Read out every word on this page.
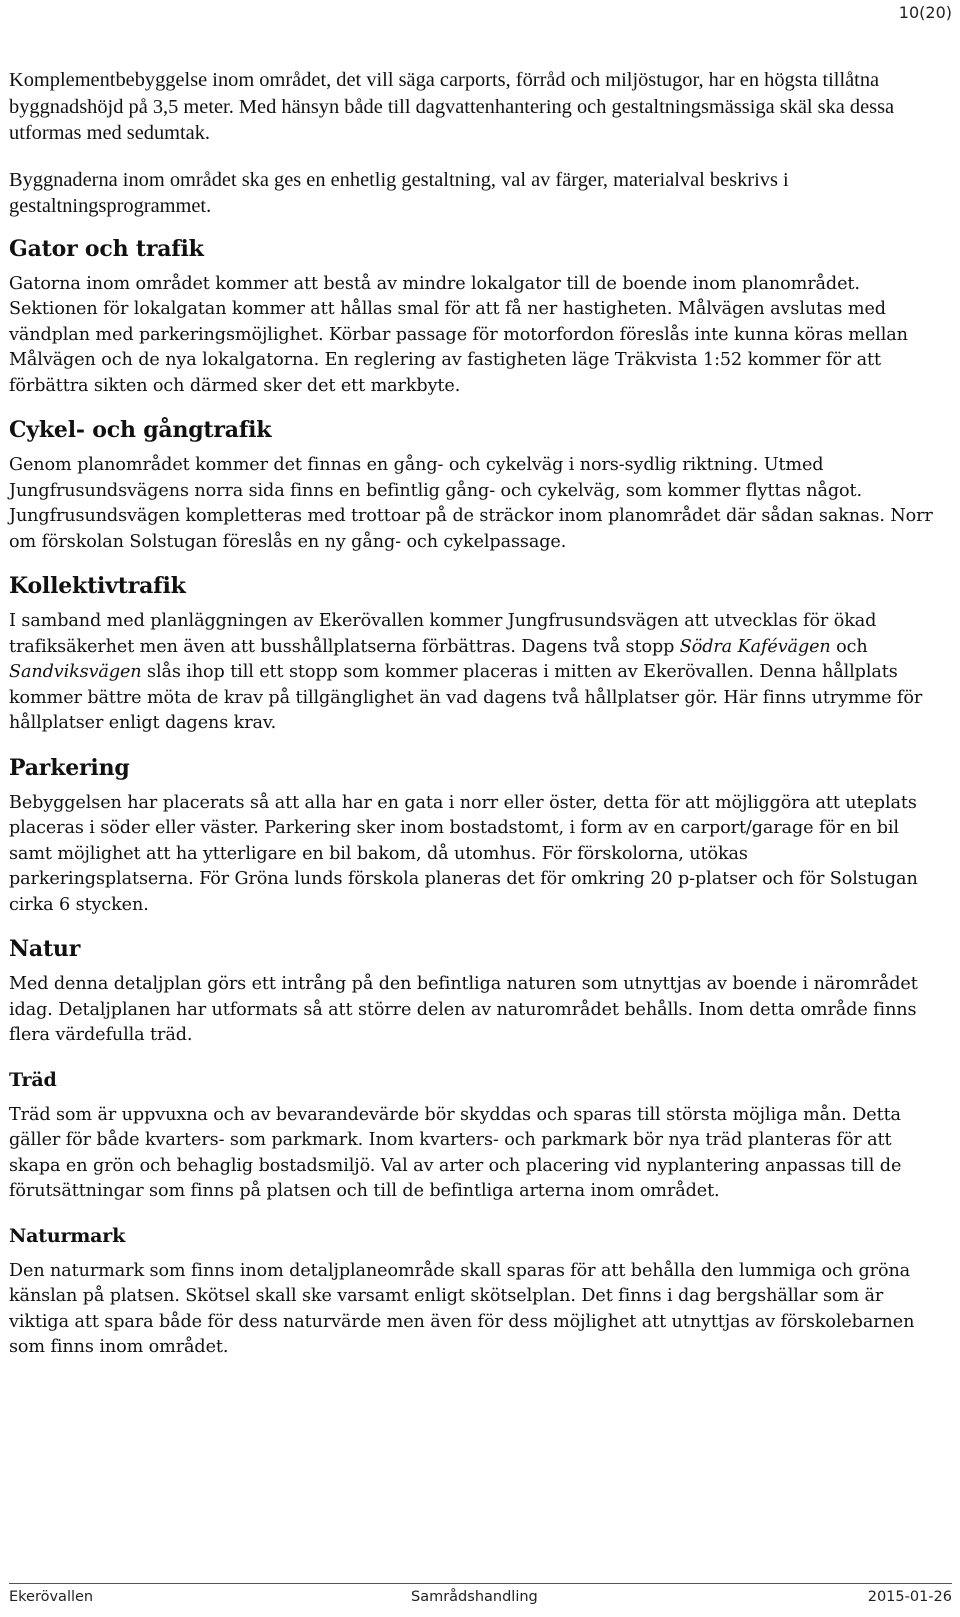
10(20)

Komplementbebyggelse inom området, det vill säga carports, förråd och miljöstugor, har en högsta tillåtna byggnadshöjd på 3,5 meter. Med hänsyn både till dagvattenhantering och gestaltningsmässiga skäl ska dessa utformas med sedumtak.

Byggnaderna inom området ska ges en enhetlig gestaltning, val av färger, materialval beskrivs i gestaltningsprogrammet.

Gator och trafik

Gatorna inom området kommer att bestå av mindre lokalgator till de boende inom planområdet. Sektionen för lokalgatan kommer att hållas smal för att få ner hastigheten. Målvägen avslutas med vändplan med parkeringsmöjlighet. Körbar passage för motorfordon föreslås inte kunna köras mellan Målvägen och de nya lokalgatorna. En reglering av fastigheten läge Träkvista 1:52 kommer för att förbättra sikten och därmed sker det ett markbyte.

Cykel- och gångtrafik

Genom planområdet kommer det finnas en gång- och cykelväg i nors-sydlig riktning. Utmed Jungfrusundsvägens norra sida finns en befintlig gång- och cykelväg, som kommer flyttas något. Jungfrusundsvägen kompletteras med trottoar på de sträckor inom planområdet där sådan saknas. Norr om förskolan Solstugan föreslås en ny gång- och cykelpassage.

Kollektivtrafik

I samband med planläggningen av Ekerövallen kommer Jungfrusundsvägen att utvecklas för ökad trafiksäkerhet men även att busshållplatserna förbättras. Dagens två stopp Södra Kafévägen och Sandviksvägen slås ihop till ett stopp som kommer placeras i mitten av Ekerövallen. Denna hållplats kommer bättre möta de krav på tillgänglighet än vad dagens två hållplatser gör. Här finns utrymme för hållplatser enligt dagens krav.

Parkering

Bebyggelsen har placerats så att alla har en gata i norr eller öster, detta för att möjliggöra att uteplats placeras i söder eller väster. Parkering sker inom bostadstomt, i form av en carport/garage för en bil samt möjlighet att ha ytterligare en bil bakom, då utomhus. För förskolorna, utökas parkeringsplatserna. För Gröna lunds förskola planeras det för omkring 20 p-platser och för Solstugan cirka 6 stycken.

Natur

Med denna detaljplan görs ett intrång på den befintliga naturen som utnyttjas av boende i närområdet idag. Detaljplanen har utformats så att större delen av naturområdet behålls. Inom detta område finns flera värdefulla träd.

Träd

Träd som är uppvuxna och av bevarandevärde bör skyddas och sparas till största möjliga mån. Detta gäller för både kvarters- som parkmark. Inom kvarters- och parkmark bör nya träd planteras för att skapa en grön och behaglig bostadsmiljö. Val av arter och placering vid nyplantering anpassas till de förutsättningar som finns på platsen och till de befintliga arterna inom området.

Naturmark

Den naturmark som finns inom detaljplaneområde skall sparas för att behålla den lummiga och gröna känslan på platsen. Skötsel skall ske varsamt enligt skötselplan. Det finns i dag bergshällar som är viktiga att spara både för dess naturvärde men även för dess möjlighet att utnyttjas av förskolebarnen som finns inom området.

Ekerövallen	Samrådshandling	2015-01-26
